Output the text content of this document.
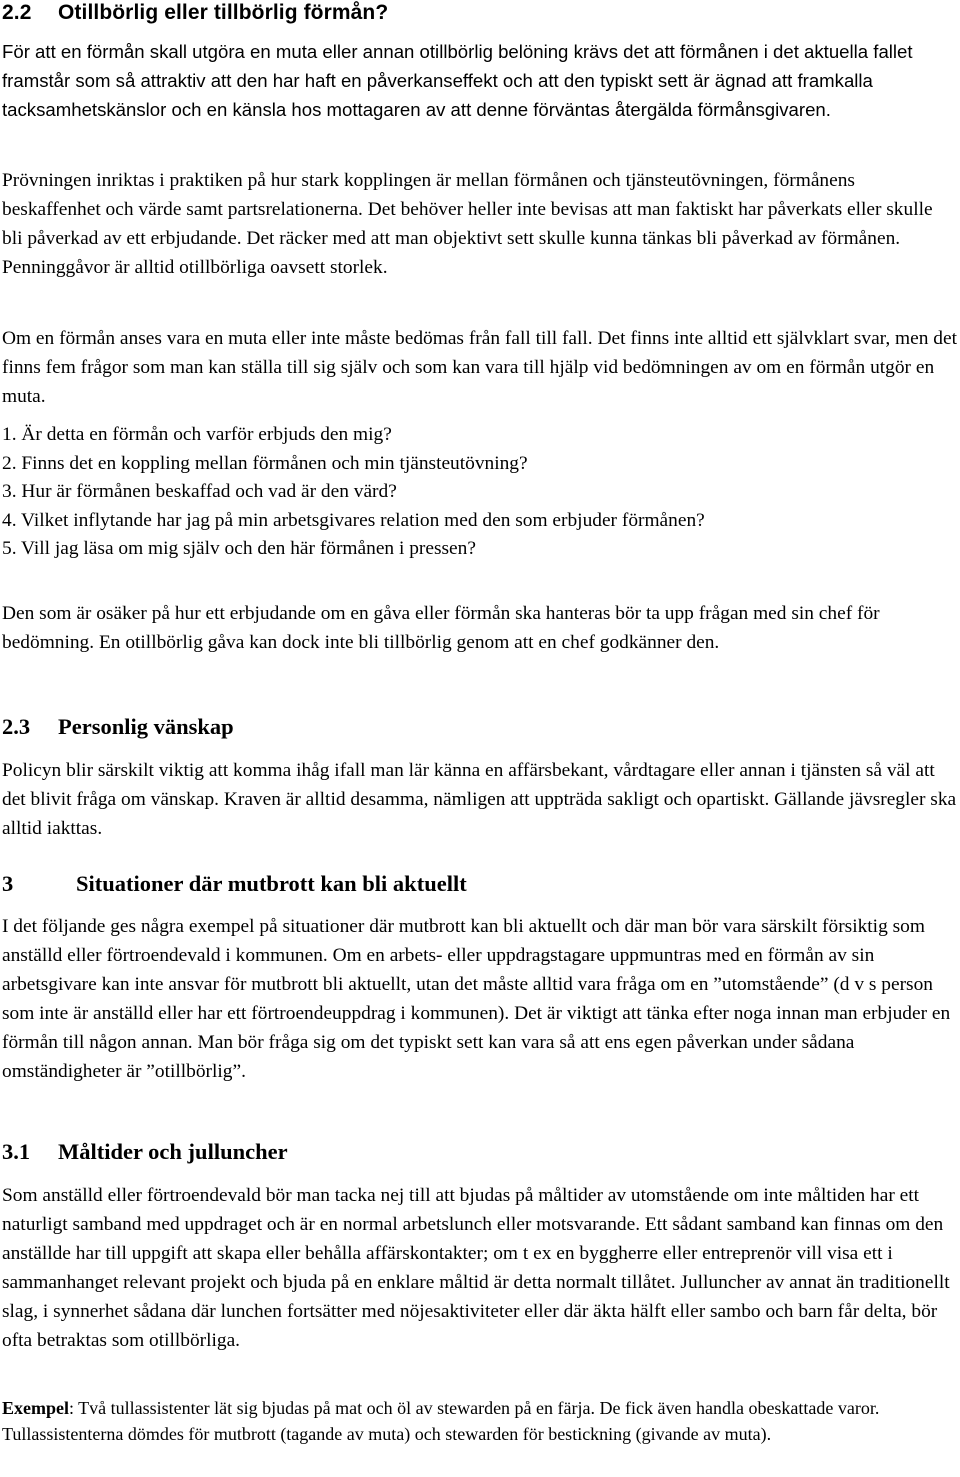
2.2 Otillbörlig eller tillbörlig förmån?

För att en förmån skall utgöra en muta eller annan otillbörlig belöning krävs det att förmånen i det aktuella fallet framstår som så attraktiv att den har haft en påverkanseffekt och att den typiskt sett är ägnad att framkalla tacksamhetskänslor och en känsla hos mottagaren av att denne förväntas återgälda förmånsgivaren.

Prövningen inriktas i praktiken på hur stark kopplingen är mellan förmånen och tjänsteutövningen, förmånens beskaffenhet och värde samt partsrelationerna. Det behöver heller inte bevisas att man faktiskt har påverkats eller skulle bli påverkad av ett erbjudande. Det räcker med att man objektivt sett skulle kunna tänkas bli påverkad av förmånen. Penninggåvor är alltid otillbörliga oavsett storlek.

Om en förmån anses vara en muta eller inte måste bedömas från fall till fall. Det finns inte alltid ett självklart svar, men det finns fem frågor som man kan ställa till sig själv och som kan vara till hjälp vid bedömningen av om en förmån utgör en muta.

1. Är detta en förmån och varför erbjuds den mig?
2. Finns det en koppling mellan förmånen och min tjänsteutövning?
3. Hur är förmånen beskaffad och vad är den värd?
4. Vilket inflytande har jag på min arbetsgivares relation med den som erbjuder förmånen?
5. Vill jag läsa om mig själv och den här förmånen i pressen?

Den som är osäker på hur ett erbjudande om en gåva eller förmån ska hanteras bör ta upp frågan med sin chef för bedömning. En otillbörlig gåva kan dock inte bli tillbörlig genom att en chef godkänner den.

2.3 Personlig vänskap

Policyn blir särskilt viktig att komma ihåg ifall man lär känna en affärsbekant, vårdtagare eller annan i tjänsten så väl att det blivit fråga om vänskap. Kraven är alltid desamma, nämligen att uppträda sakligt och opartiskt. Gällande jävsregler ska alltid iakttas.

3	Situationer där mutbrott kan bli aktuellt

I det följande ges några exempel på situationer där mutbrott kan bli aktuellt och där man bör vara särskilt försiktig som anställd eller förtroendevald i kommunen. Om en arbets- eller uppdragstagare uppmuntras med en förmån av sin arbetsgivare kan inte ansvar för mutbrott bli aktuellt, utan det måste alltid vara fråga om en ”utomstående” (d v s person som inte är anställd eller har ett förtroendeuppdrag i kommunen). Det är viktigt att tänka efter noga innan man erbjuder en förmån till någon annan. Man bör fråga sig om det typiskt sett kan vara så att ens egen påverkan under sådana omständigheter är ”otillbörlig”.

3.1 Måltider och julluncher

Som anställd eller förtroendevald bör man tacka nej till att bjudas på måltider av utomstående om inte måltiden har ett naturligt samband med uppdraget och är en normal arbetslunch eller motsvarande. Ett sådant samband kan finnas om den anställde har till uppgift att skapa eller behålla affärskontakter; om t ex en byggherre eller entreprenör vill visa ett i sammanhanget relevant projekt och bjuda på en enklare måltid är detta normalt tillåtet. Julluncher av annat än traditionellt slag, i synnerhet sådana där lunchen fortsätter med nöjesaktiviteter eller där äkta hälft eller sambo och barn får delta, bör ofta betraktas som otillbörliga.

Exempel: Två tullassistenter lät sig bjudas på mat och öl av stewarden på en färja. De fick även handla obeskattade varor. Tullassistenterna dömdes för mutbrott (tagande av muta) och stewarden för bestickning (givande av muta).
